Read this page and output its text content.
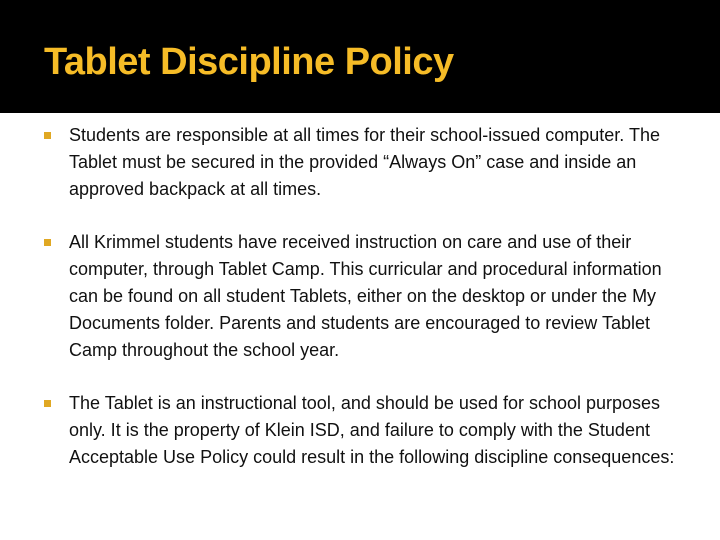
Tablet Discipline Policy
Students are responsible at all times for their school-issued computer. The Tablet must be secured in the provided “Always On” case and inside an approved backpack at all times.
All Krimmel students have received instruction on care and use of their computer, through Tablet Camp. This curricular and procedural information can be found on all student Tablets, either on the desktop or under the My Documents folder. Parents and students are encouraged to review Tablet Camp throughout the school year.
The Tablet is an instructional tool, and should be used for school purposes only. It is the property of Klein ISD, and failure to comply with the Student Acceptable Use Policy could result in the following discipline consequences:
